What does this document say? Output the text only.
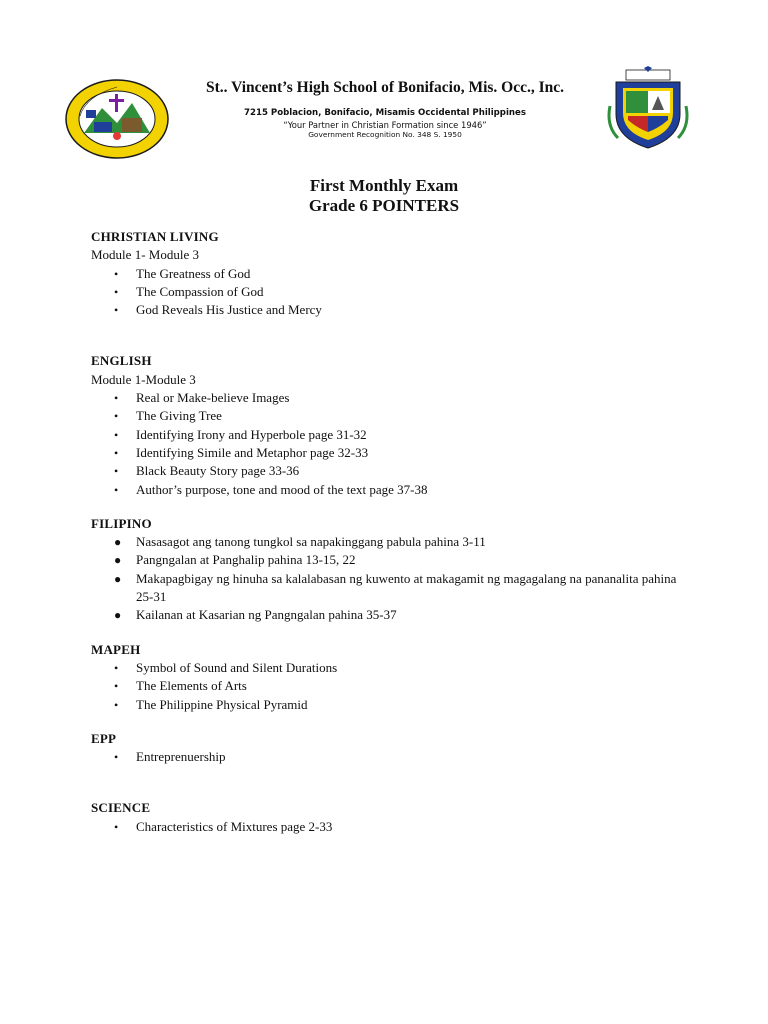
St.. Vincent’s High School of Bonifacio, Mis. Occ., Inc.
7215 Poblacion, Bonifacio, Misamis Occidental Philippines
“Your Partner in Christian Formation since 1946”
Government Recognition No. 348 S. 1950
First Monthly Exam
Grade 6 POINTERS
CHRISTIAN LIVING
Module 1- Module 3
• The Greatness of God
• The Compassion of God
• God Reveals His Justice and Mercy
ENGLISH
Module 1-Module 3
• Real or Make-believe Images
• The Giving Tree
• Identifying Irony and Hyperbole page 31-32
• Identifying Simile and Metaphor page 32-33
• Black Beauty Story page 33-36
• Author’s purpose, tone and mood of the text page 37-38
FILIPINO
● Nasasagot ang tanong tungkol sa napakinggang pabula pahina 3-11
● Pangngalan at Panghalip pahina 13-15, 22
● Makapagbigay ng hinuha sa kalalabasan ng kuwento at makagamit ng magagalang na pananalita pahina 25-31
● Kailanan at Kasarian ng Pangngalan pahina 35-37
MAPEH
• Symbol of Sound and Silent Durations
• The Elements of Arts
• The Philippine Physical Pyramid
EPP
• Entreprenuership
SCIENCE
• Characteristics of Mixtures page 2-33
